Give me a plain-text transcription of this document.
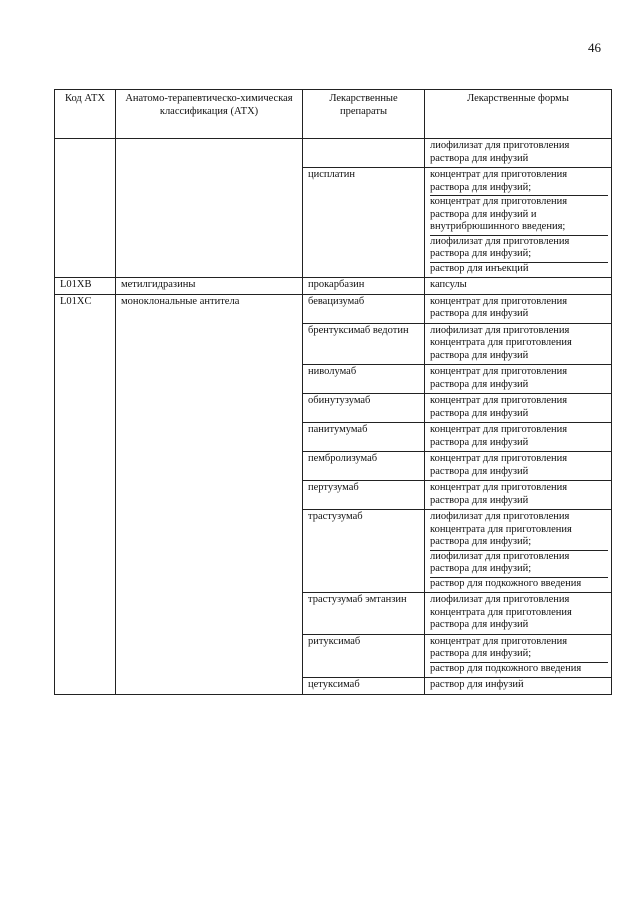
46
Код АТХ	Анатомо-терапевтическо-химическая классификация (АТХ)	Лекарственные препараты	Лекарственные формы

			лиофилизат для приготовления раствора для инфузий

		цисплатин	концентрат для приготовления раствора для инфузий;
концентрат для приготовления раствора для инфузий и внутрибрюшинного введения;
лиофилизат для приготовления раствора для инфузий;
раствор для инъекций

L01XB	метилгидразины	прокарбазин	капсулы

L01XC	моноклональные антитела	бевацизумаб	концентрат для приготовления раствора для инфузий

		брентуксимаб ведотин	лиофилизат для приготовления концентрата для приготовления раствора для инфузий

		ниволумаб	концентрат для приготовления раствора для инфузий

		обинутузумаб	концентрат для приготовления раствора для инфузий

		панитумумаб	концентрат для приготовления раствора для инфузий

		пембролизумаб	концентрат для приготовления раствора для инфузий

		пертузумаб	концентрат для приготовления раствора для инфузий

		трастузумаб	лиофилизат для приготовления концентрата для приготовления раствора для инфузий;
лиофилизат для приготовления раствора для инфузий;
раствор для подкожного введения

		трастузумаб эмтанзин	лиофилизат для приготовления концентрата для приготовления раствора для инфузий

		ритуксимаб	концентрат для приготовления раствора для инфузий;
раствор для подкожного введения

		цетуксимаб	раствор для инфузий
